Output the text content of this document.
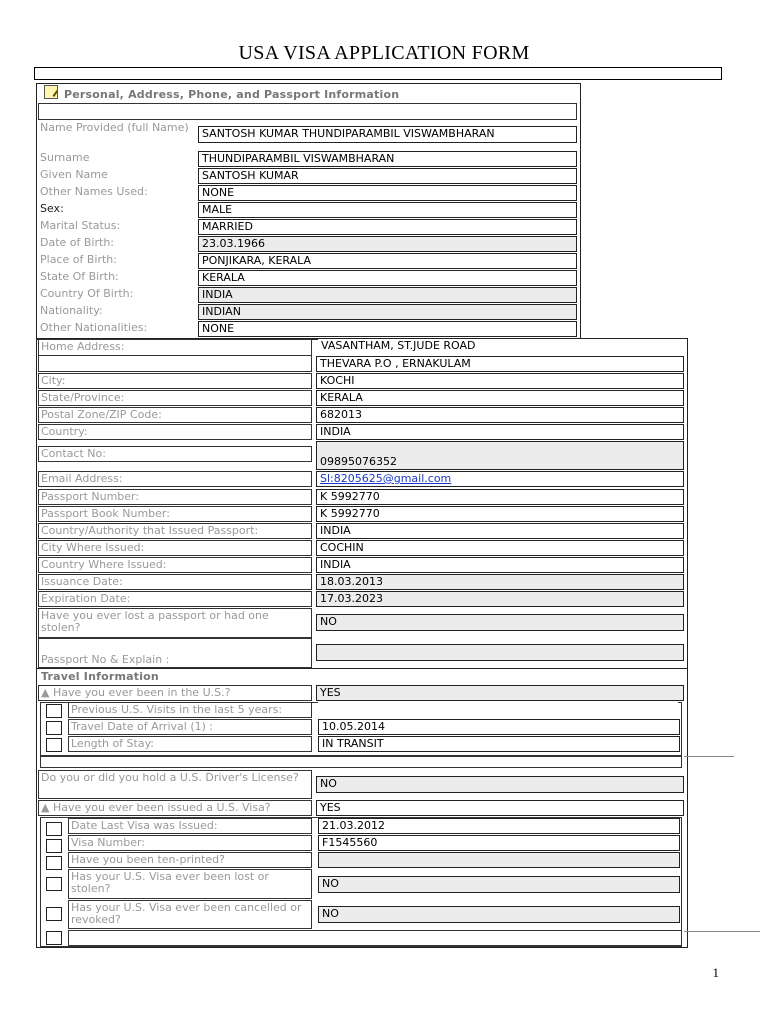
USA VISA APPLICATION FORM
Personal, Address, Phone, and Passport Information
Name Provided (full Name)	SANTOSH KUMAR THUNDIPARAMBIL VISWAMBHARAN
Surname	THUNDIPARAMBIL VISWAMBHARAN
Given Name	SANTOSH KUMAR
Other Names Used:	NONE
Sex:	MALE
Marital Status:	MARRIED
Date of Birth:	23.03.1966
Place of Birth:	PONJIKARA, KERALA
State Of Birth:	KERALA
Country Of Birth:	INDIA
Nationality:	INDIAN
Other Nationalities:	NONE
Home Address:	VASANTHAM, ST.JUDE ROAD
THEVARA P.O , ERNAKULAM
City:	KOCHI
State/Province:	KERALA
Postal Zone/ZIP Code:	682013
Country:	INDIA
Contact No:
09895076352
Email Address:	Sl:8205625@gmail.com
Passport Number:	K 5992770
Passport Book Number:	K 5992770
Country/Authority that Issued Passport:	INDIA
City Where Issued:	COCHIN
Country Where Issued:	INDIA
Issuance Date:	18.03.2013
Expiration Date:	17.03.2023
Have you ever lost a passport or had one stolen?	NO
Passport No & Explain :
Travel Information
▲ Have you ever been in the U.S.?	YES
Previous U.S. Visits in the last 5 years:
Travel Date of Arrival (1) :	10.05.2014
Length of Stay:	IN TRANSIT
Do you or did you hold a U.S. Driver's License?	NO
▲ Have you ever been issued a U.S. Visa?	YES
Date Last Visa was Issued:	21.03.2012
Visa Number:	F1545560
Have you been ten-printed?
Has your U.S. Visa ever been lost or stolen?	NO
Has your U.S. Visa ever been cancelled or revoked?	NO
1
